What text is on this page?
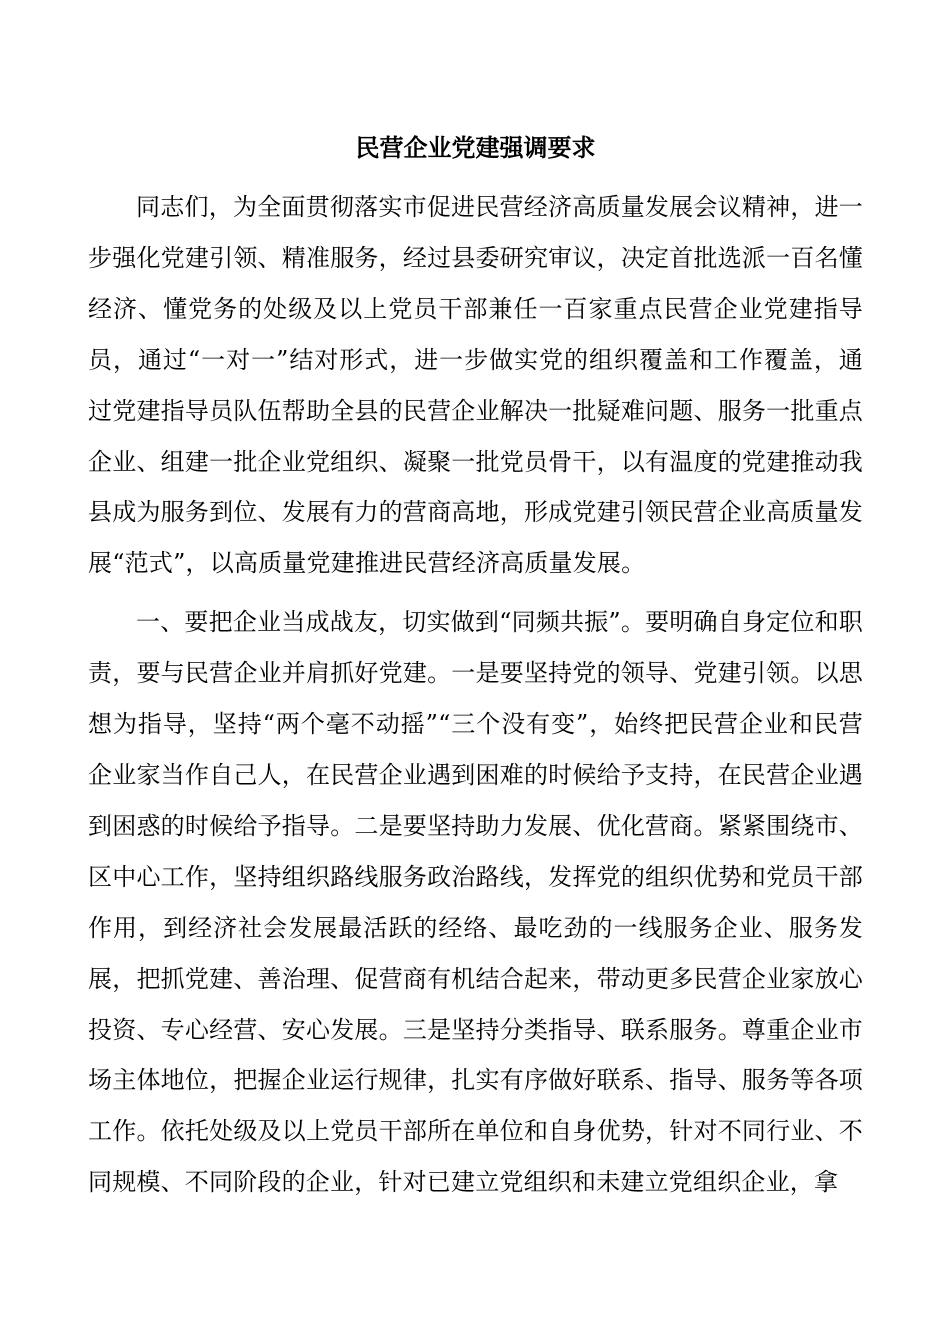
民营企业党建强调要求

同志们，为全面贯彻落实市促进民营经济高质量发展会议精神，进一步强化党建引领、精准服务，经过县委研究审议，决定首批选派一百名懂经济、懂党务的处级及以上党员干部兼任一百家重点民营企业党建指导员，通过“一对一”结对形式，进一步做实党的组织覆盖和工作覆盖，通过党建指导员队伍帮助全县的民营企业解决一批疑难问题、服务一批重点企业、组建一批企业党组织、凝聚一批党员骨干，以有温度的党建推动我县成为服务到位、发展有力的营商高地，形成党建引领民营企业高质量发展“范式”，以高质量党建推进民营经济高质量发展。

一、要把企业当成战友，切实做到“同频共振”。要明确自身定位和职责，要与民营企业并肩抓好党建。一是要坚持党的领导、党建引领。以思想为指导，坚持“两个毫不动摇”“三个没有变”，始终把民营企业和民营企业家当作自己人，在民营企业遇到困难的时候给予支持，在民营企业遇到困惑的时候给予指导。二是要坚持助力发展、优化营商。紧紧围绕市、区中心工作，坚持组织路线服务政治路线，发挥党的组织优势和党员干部作用，到经济社会发展最活跃的经络、最吃劲的一线服务企业、服务发展，把抓党建、善治理、促营商有机结合起来，带动更多民营企业家放心投资、专心经营、安心发展。三是坚持分类指导、联系服务。尊重企业市场主体地位，把握企业运行规律，扎实有序做好联系、指导、服务等各项工作。依托处级及以上党员干部所在单位和自身优势，针对不同行业、不同规模、不同阶段的企业，针对已建立党组织和未建立党组织企业，拿
